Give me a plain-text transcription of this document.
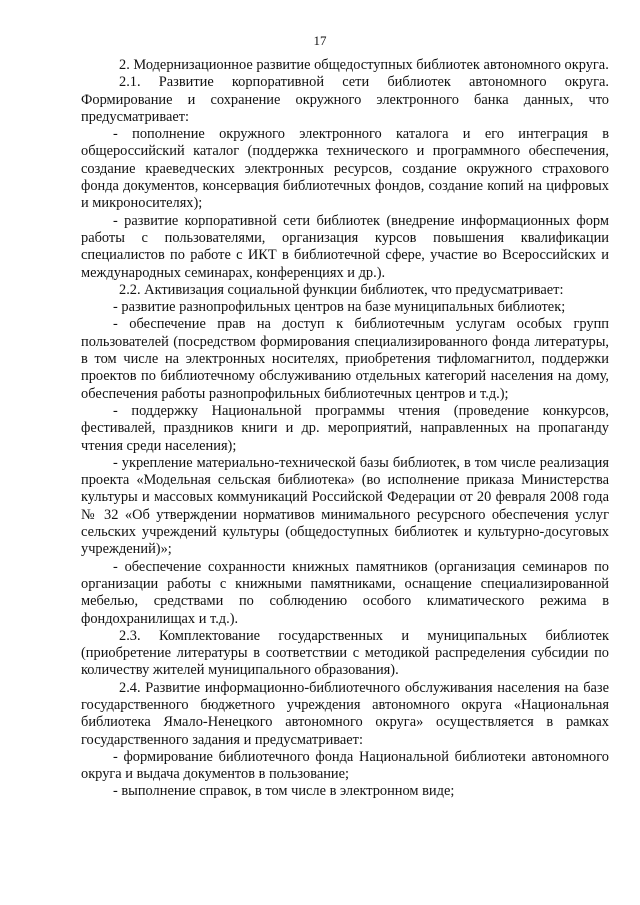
17

2. Модернизационное развитие общедоступных библиотек автономного округа.

2.1. Развитие корпоративной сети библиотек автономного округа. Формирование и сохранение окружного электронного банка данных, что предусматривает:

- пополнение окружного электронного каталога и его интеграция в общероссийский каталог (поддержка технического и программного обеспечения, создание краеведческих электронных ресурсов, создание окружного страхового фонда документов, консервация библиотечных фондов, создание копий на цифровых и микроносителях);

- развитие корпоративной сети библиотек (внедрение информационных форм работы с пользователями, организация курсов повышения квалификации специалистов по работе с ИКТ в библиотечной сфере, участие во Всероссийских и международных семинарах, конференциях и др.).

2.2. Активизация социальной функции библиотек, что предусматривает:

- развитие разнопрофильных центров на базе муниципальных библиотек;

- обеспечение прав на доступ к библиотечным услугам особых групп пользователей (посредством формирования специализированного фонда литературы, в том числе на электронных носителях, приобретения тифломагнитол, поддержки проектов по библиотечному обслуживанию отдельных категорий населения на дому, обеспечения работы разнопрофильных библиотечных центров и т.д.);

- поддержку Национальной программы чтения (проведение конкурсов, фестивалей, праздников книги и др. мероприятий, направленных на пропаганду чтения среди населения);

- укрепление материально-технической базы библиотек, в том числе реализация проекта «Модельная сельская библиотека» (во исполнение приказа Министерства культуры и массовых коммуникаций Российской Федерации от 20 февраля 2008 года № 32 «Об утверждении нормативов минимального ресурсного обеспечения услуг сельских учреждений культуры (общедоступных библиотек и культурно-досуговых учреждений)»;

- обеспечение сохранности книжных памятников (организация семинаров по организации работы с книжными памятниками, оснащение специализированной мебелью, средствами по соблюдению особого климатического режима в фондохранилищах и т.д.).

2.3. Комплектование государственных и муниципальных библиотек (приобретение литературы в соответствии с методикой распределения субсидии по количеству жителей муниципального образования).

2.4. Развитие информационно-библиотечного обслуживания населения на базе государственного бюджетного учреждения автономного округа «Национальная библиотека Ямало-Ненецкого автономного округа» осуществляется в рамках государственного задания и предусматривает:

- формирование библиотечного фонда Национальной библиотеки автономного округа и выдача документов в пользование;

- выполнение справок, в том числе в электронном виде;
